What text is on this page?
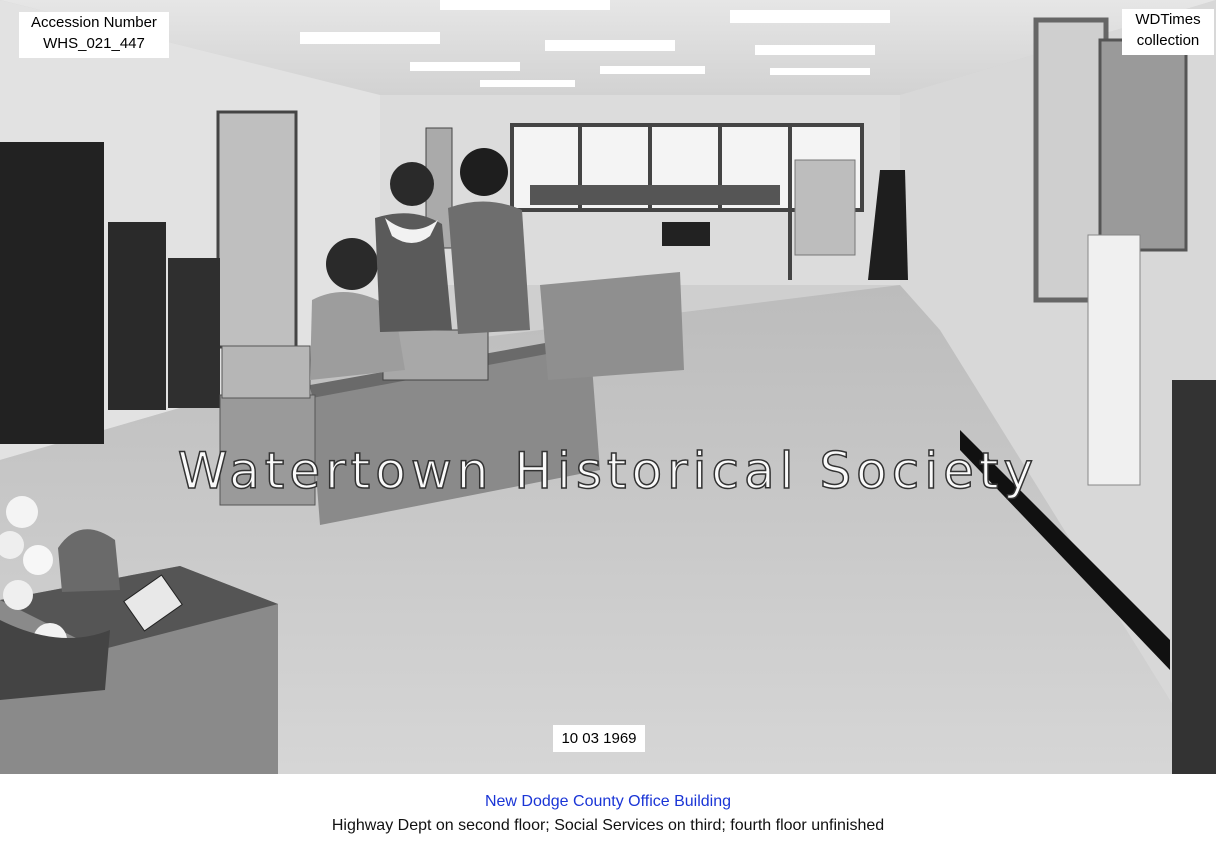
Accession Number
WHS_021_447
WDTimes
collection
Watertown Historical Society
10 03 1969
New Dodge County Office Building
Highway Dept on second floor; Social Services on third; fourth floor unfinished
